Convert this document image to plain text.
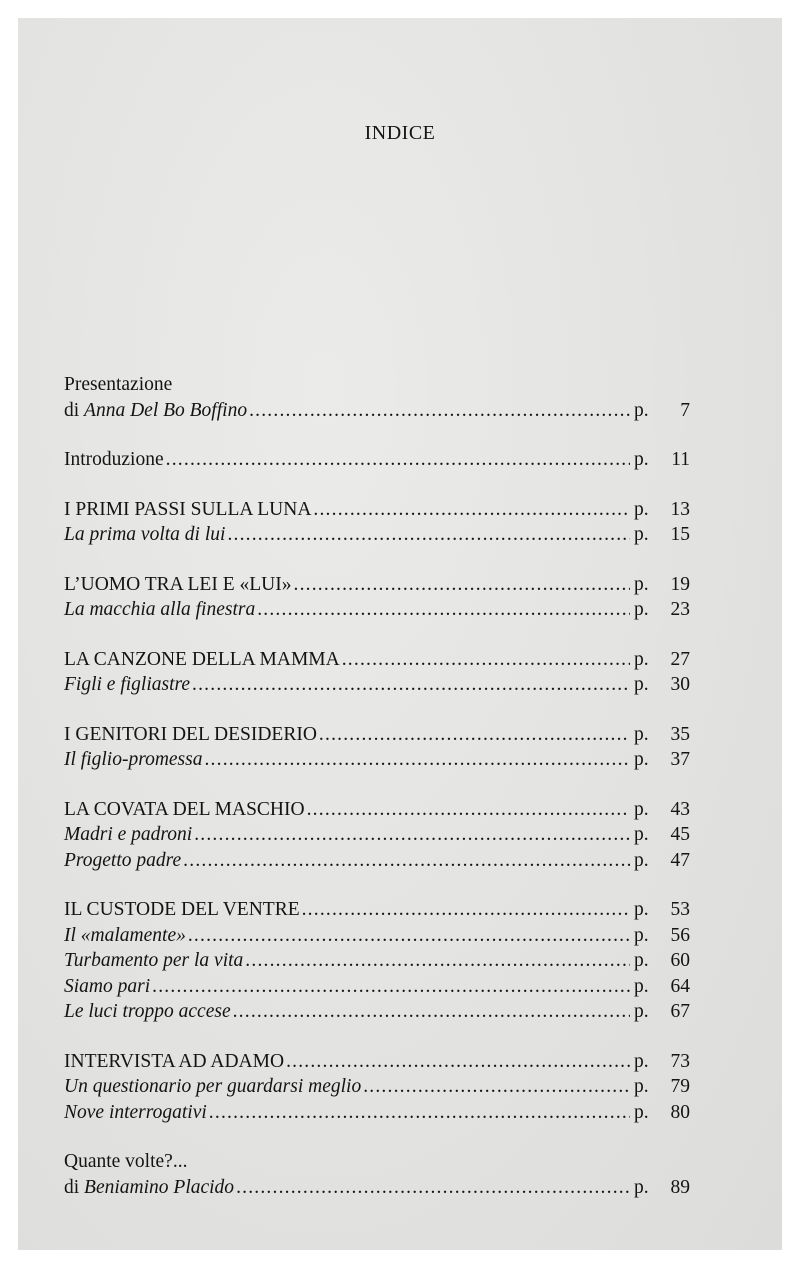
INDICE
Presentazione
di Anna Del Bo Boffino .....	p. 7
Introduzione .....	p. 11
I PRIMI PASSI SULLA LUNA .....	p. 13
La prima volta di lui .....	p. 15
L’UOMO TRA LEI E «LUI» .....	p. 19
La macchia alla finestra .....	p. 23
LA CANZONE DELLA MAMMA .....	p. 27
Figli e figliastre .....	p. 30
I GENITORI DEL DESIDERIO .....	p. 35
Il figlio-promessa .....	p. 37
LA COVATA DEL MASCHIO .....	p. 43
Madri e padroni .....	p. 45
Progetto padre .....	p. 47
IL CUSTODE DEL VENTRE .....	p. 53
Il «malamente» .....	p. 56
Turbamento per la vita .....	p. 60
Siamo pari .....	p. 64
Le luci troppo accese .....	p. 67
INTERVISTA AD ADAMO .....	p. 73
Un questionario per guardarsi meglio .....	p. 79
Nove interrogativi .....	p. 80
Quante volte?...
di Beniamino Placido .....	p. 89
